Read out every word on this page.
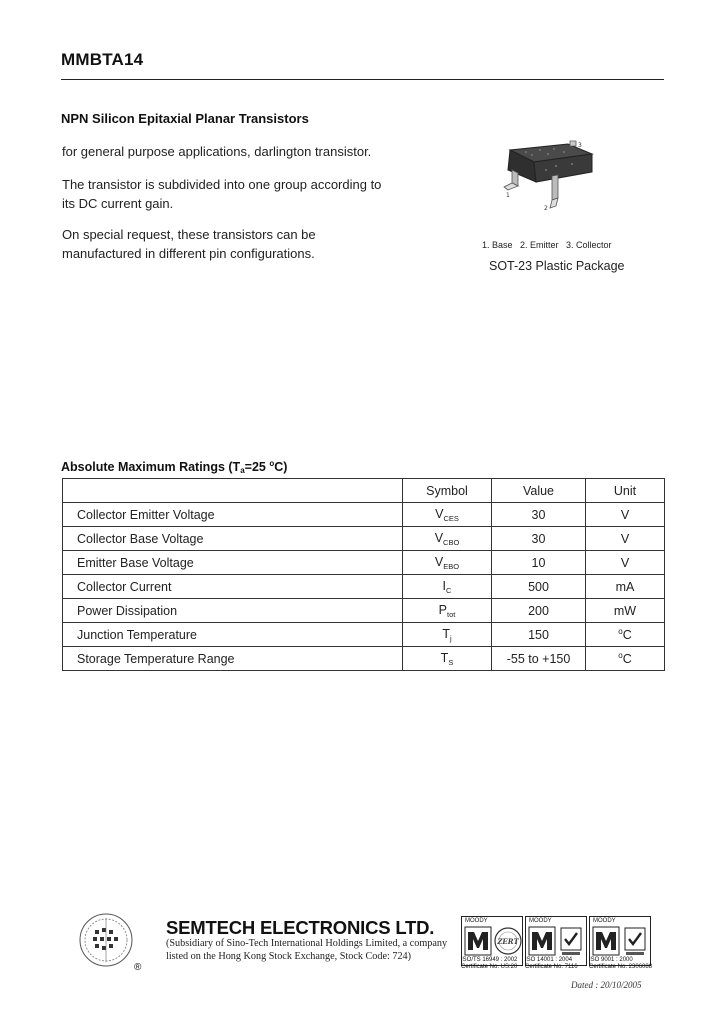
MMBTA14
NPN Silicon Epitaxial Planar Transistors
for general purpose applications, darlington transistor.
The transistor is subdivided into one group according to its DC current gain.
On special request, these transistors can be manufactured in different pin configurations.
1
2
3
1. Base   2. Emitter   3. Collector
SOT-23 Plastic Package
Absolute Maximum Ratings ($T_a=25$ $^o$C)
	Symbol	Value	Unit
Collector Emitter Voltage	$V_{CES}$	30	V
Collector Base Voltage	$V_{CBO}$	30	V
Emitter Base Voltage	$V_{EBO}$	10	V
Collector Current	$I_C$	500	mA
Power Dissipation	$P_{tot}$	200	mW
Junction Temperature	$T_j$	150	$^o$C
Storage Temperature Range	$T_S$	-55 to +150	$^o$C
®
SEMTECH ELECTRONICS LTD.
(Subsidiary of Sino-Tech International Holdings Limited, a company
listed on the Hong Kong Stock Exchange, Stock Code: 724)
MOODY
ZERT
MOODY	MOODY
ISO/TS 16949 : 2002
Certificate No. US:20
ISO 14001 : 2004
Certificate No. 7116
ISO 9001 : 2000
Certificate No. 2306088
Dated : 20/10/2005
